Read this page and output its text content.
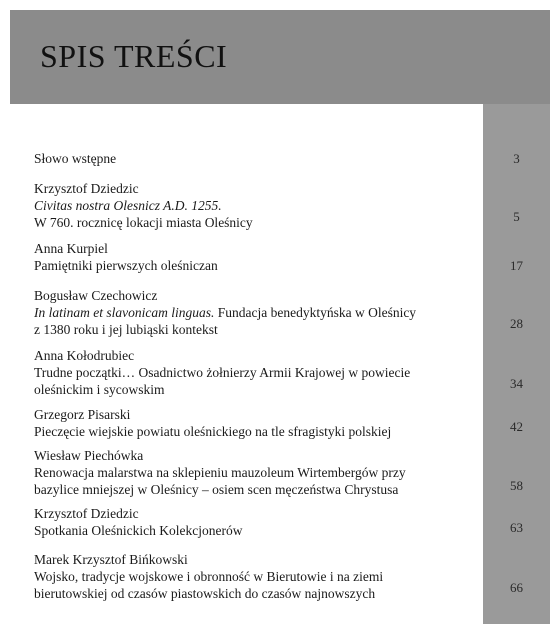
SPIS TREŚCI
Słowo wstępne	3
Krzysztof Dziedzic
Civitas nostra Olesnicz A.D. 1255.
W 760. rocznicę lokacji miasta Oleśnicy	5
Anna Kurpiel
Pamiętniki pierwszych oleśniczan	17
Bogusław Czechowicz
In latinam et slavonicam linguas. Fundacja benedyktyńska w Oleśnicy
z 1380 roku i jej lubiąski kontekst	28
Anna Kołodrubiec
Trudne początki… Osadnictwo żołnierzy Armii Krajowej w powiecie
oleśnickim i sycowskim	34
Grzegorz Pisarski
Pieczęcie wiejskie powiatu oleśnickiego na tle sfragistyki polskiej	42
Wiesław Piechówka
Renowacja malarstwa na sklepieniu mauzoleum Wirtembergów przy
bazylice mniejszej w Oleśnicy – osiem scen męczeństwa Chrystusa	58
Krzysztof Dziedzic
Spotkania Oleśnickich Kolekcjonerów	63
Marek Krzysztof Bińkowski
Wojsko, tradycje wojskowe i obronność w Bierutowie i na ziemi
bierutowskiej od czasów piastowskich do czasów najnowszych	66
